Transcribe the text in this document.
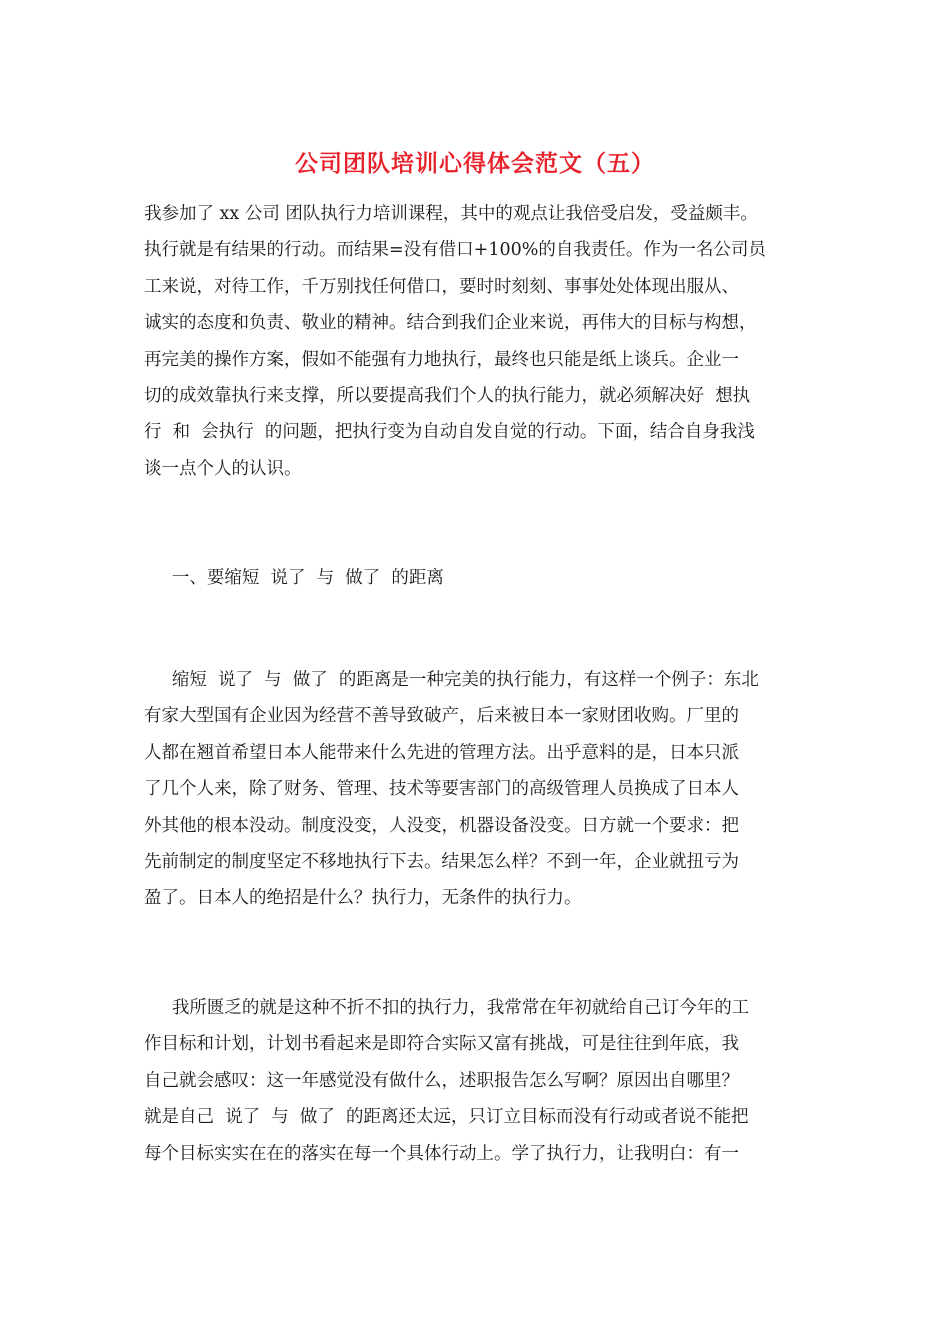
公司团队培训心得体会范文（五）
我参加了 xx 公司 团队执行力培训课程，其中的观点让我倍受启发，受益颇丰。
执行就是有结果的行动。而结果=没有借口+100%的自我责任。作为一名公司员
工来说，对待工作，千万别找任何借口，要时时刻刻、事事处处体现出服从、
诚实的态度和负责、敬业的精神。结合到我们企业来说，再伟大的目标与构想，
再完美的操作方案，假如不能强有力地执行，最终也只能是纸上谈兵。企业一
切的成效靠执行来支撑，所以要提高我们个人的执行能力，就必须解决好  想执
行  和  会执行  的问题，把执行变为自动自发自觉的行动。下面，结合自身我浅
谈一点个人的认识。
一、要缩短  说了  与  做了  的距离
缩短  说了  与  做了  的距离是一种完美的执行能力，有这样一个例子：东北
有家大型国有企业因为经营不善导致破产，后来被日本一家财团收购。厂里的
人都在翘首希望日本人能带来什么先进的管理方法。出乎意料的是，日本只派
了几个人来，除了财务、管理、技术等要害部门的高级管理人员换成了日本人
外其他的根本没动。制度没变，人没变，机器设备没变。日方就一个要求：把
先前制定的制度坚定不移地执行下去。结果怎么样？不到一年，企业就扭亏为
盈了。日本人的绝招是什么？执行力，无条件的执行力。
我所匮乏的就是这种不折不扣的执行力，我常常在年初就给自己订今年的工
作目标和计划，计划书看起来是即符合实际又富有挑战，可是往往到年底，我
自己就会感叹：这一年感觉没有做什么，述职报告怎么写啊？原因出自哪里？
就是自己  说了  与  做了  的距离还太远，只订立目标而没有行动或者说不能把
每个目标实实在在的落实在每一个具体行动上。学了执行力，让我明白：有一
